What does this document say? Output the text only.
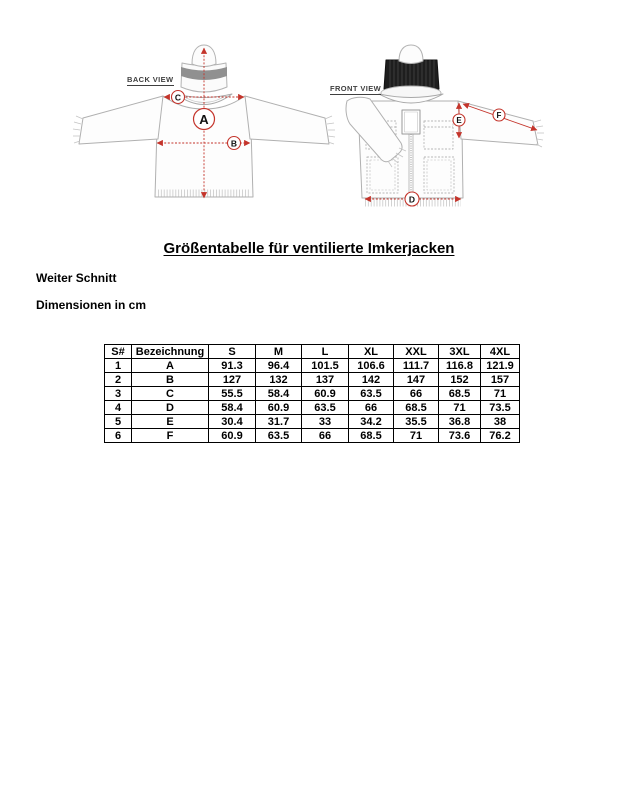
C
A
B
E
F
D
BACK VIEW
FRONT VIEW
Größentabelle für ventilierte Imkerjacken
Weiter Schnitt
Dimensionen in cm
S#	Bezeichnung	S	M	L	XL	XXL	3XL	4XL
1	A	91.3	96.4	101.5	106.6	111.7	116.8	121.9
2	B	127	132	137	142	147	152	157
3	C	55.5	58.4	60.9	63.5	66	68.5	71
4	D	58.4	60.9	63.5	66	68.5	71	73.5
5	E	30.4	31.7	33	34.2	35.5	36.8	38
6	F	60.9	63.5	66	68.5	71	73.6	76.2
